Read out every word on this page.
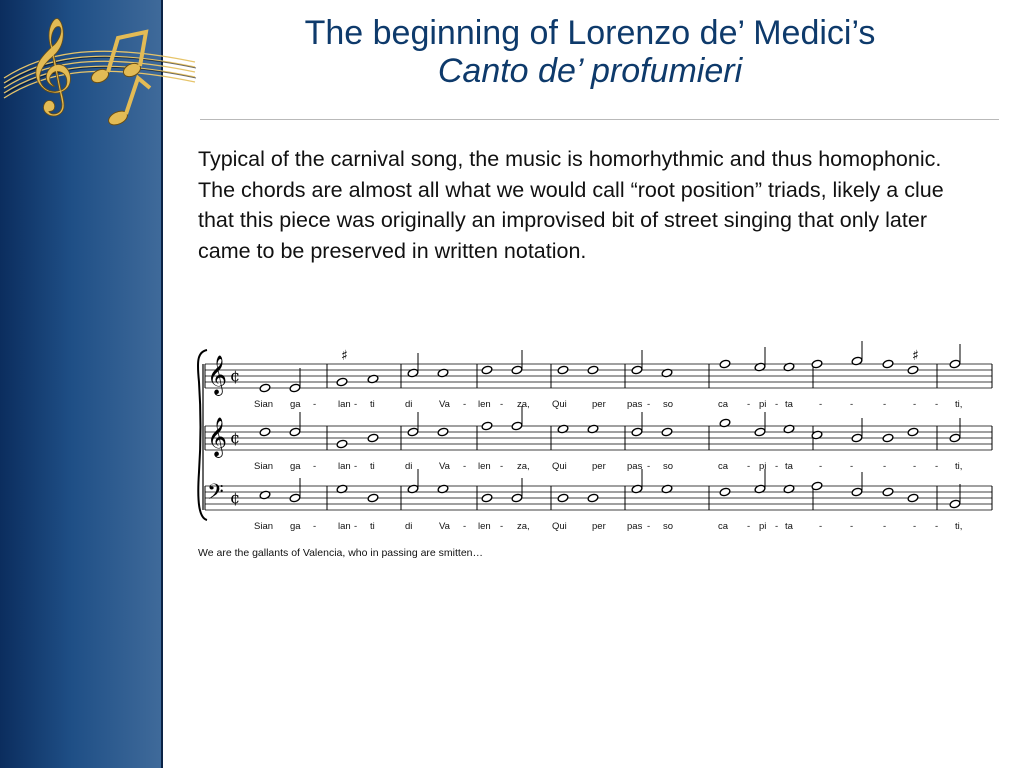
𝄞	The beginning of Lorenzo de’ Medici’s
Canto de’ profumieri
Typical of the carnival song, the music is homorhythmic and thus homophonic. The chords are almost all what we would call “root position” triads, likely a clue that this piece was originally an improvised bit of street singing that only later came to be preserved in written notation.
♯	♯
Sian ga - lan - ti	di	Va - len - za, Qui	per pas - so	ca - pi - ta	-	-	-	- - ti,
Sian ga - lan - ti	di	Va - len - za, Qui	per pas - so	ca - pi - ta	-	-	-	- - ti,
Sian ga - lan - ti	di	Va - len - za, Qui	per pas - so	ca - pi - ta	-	-	-	- - ti,
𝄞 ¢
𝄞 ¢
𝄢 ¢
We are the gallants of Valencia, who in passing are smitten…
